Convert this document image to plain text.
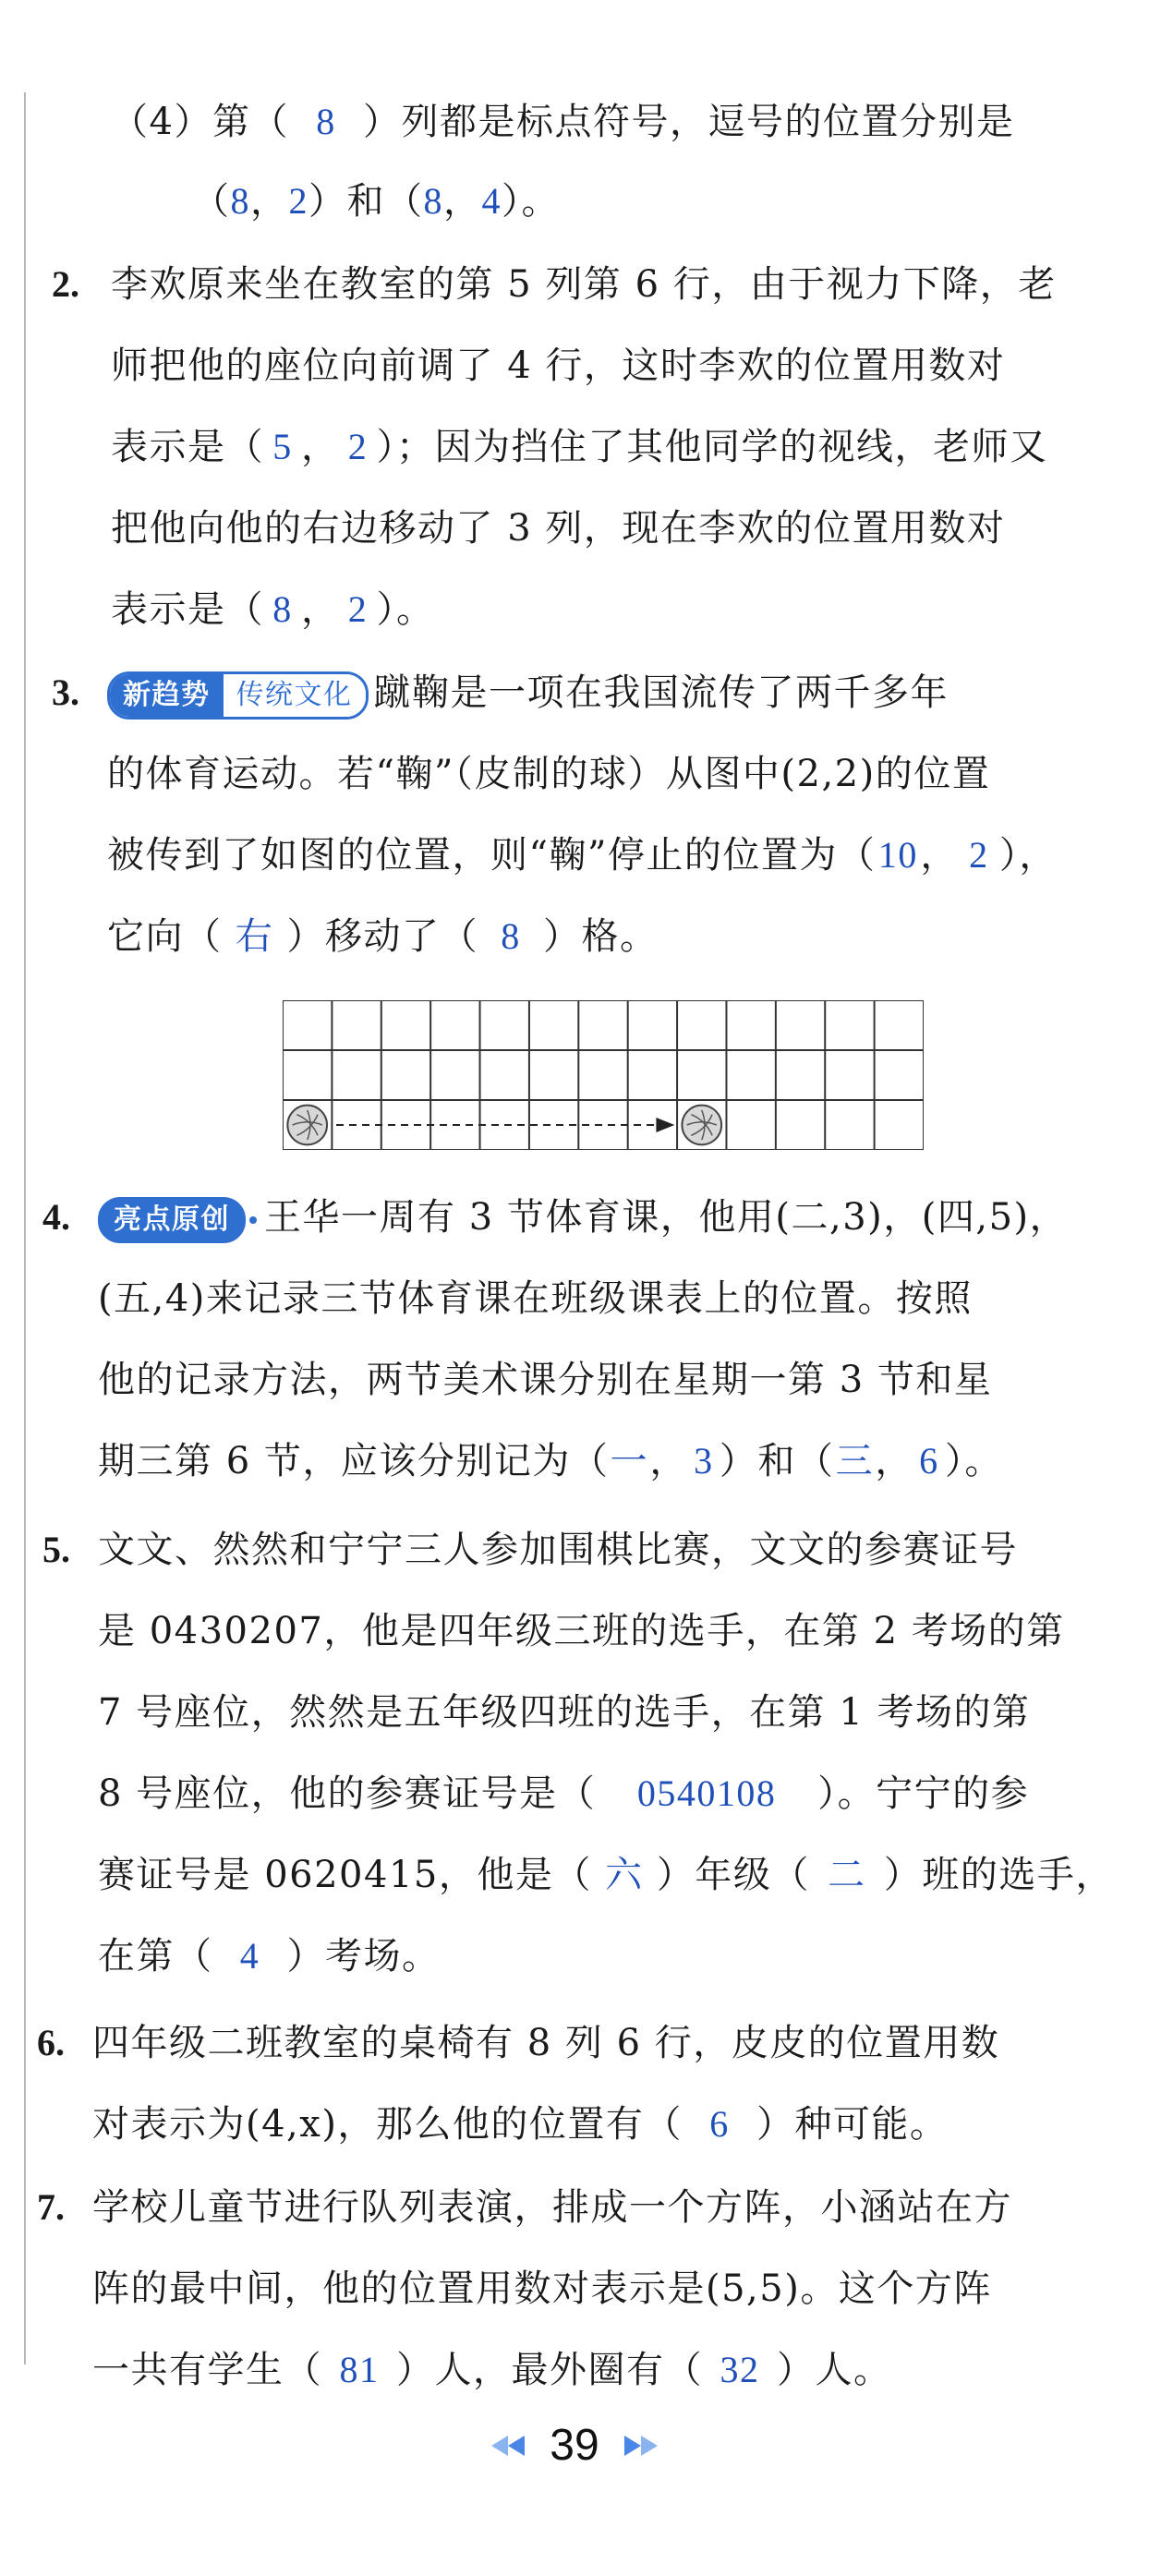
（4）第（ 8 ）列都是标点符号，逗号的位置分别是
（8，2）和（8，4）。
2. 李欢原来坐在教室的第 5 列第 6 行，由于视力下降，老
师把他的座位向前调了 4 行，这时李欢的位置用数对
表示是（ 5 ， 2 ）；因为挡住了其他同学的视线，老师又
把他向他的右边移动了 3 列，现在李欢的位置用数对
表示是（ 8 ， 2 ）。
3.	新趋势 传统文化 蹴鞠是一项在我国流传了两千多年
的体育运动。若“鞠”（皮制的球）从图中(2,2)的位置
被传到了如图的位置，则“鞠”停止的位置为（10， 2 ），
它向（ 右 ）移动了（ 8 ）格。
4.	亮点原创 王华一周有 3 节体育课，他用(二,3)，(四,5)，
(五,4)来记录三节体育课在班级课表上的位置。按照
他的记录方法，两节美术课分别在星期一第 3 节和星
期三第 6 节，应该分别记为（一， 3 ）和（三， 6 ）。
5. 文文、然然和宁宁三人参加围棋比赛，文文的参赛证号
是 0430207，他是四年级三班的选手，在第 2 考场的第
7 号座位，然然是五年级四班的选手，在第 1 考场的第
8 号座位，他的参赛证号是（ 0540108 ）。宁宁的参
赛证号是 0620415，他是（ 六 ）年级（ 二 ）班的选手，
在第（ 4 ）考场。
6. 四年级二班教室的桌椅有 8 列 6 行，皮皮的位置用数
对表示为(4,x)，那么他的位置有（ 6 ）种可能。
7. 学校儿童节进行队列表演，排成一个方阵，小涵站在方
阵的最中间，他的位置用数对表示是(5,5)。这个方阵
一共有学生（ 81 ）人，最外圈有（ 32 ）人。
39
